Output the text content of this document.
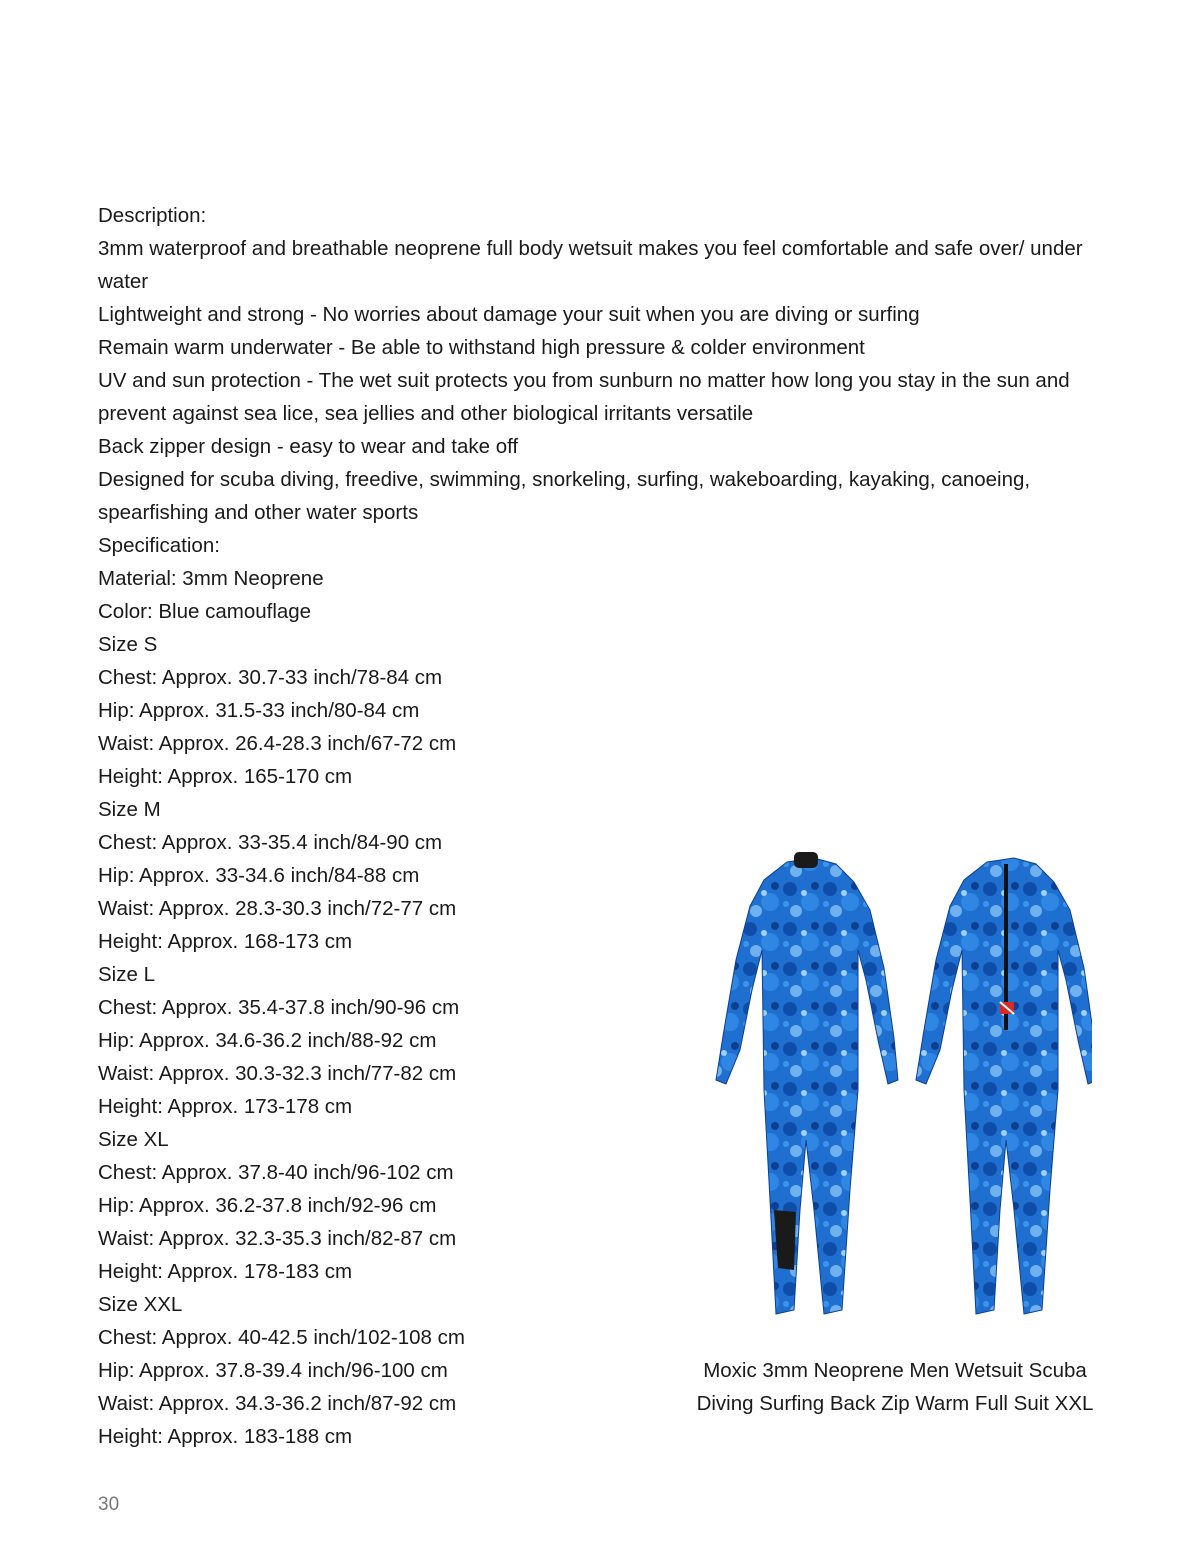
Description:

3mm waterproof and breathable neoprene full body wetsuit makes you feel comfortable and safe over/ under water

Lightweight and strong - No worries about damage your suit when you are diving or surfing

Remain warm underwater - Be able to withstand high pressure & colder environment

UV and sun protection - The wet suit protects you from sunburn no matter how long you stay in the sun and prevent against sea lice, sea jellies and other biological irritants versatile

Back zipper design - easy to wear and take off

Designed for scuba diving, freedive, swimming, snorkeling, surfing, wakeboarding, kayaking, canoeing, spearfishing and other water sports

Specification:

Material: 3mm Neoprene

Color: Blue camouflage

Size S

Chest: Approx. 30.7-33 inch/78-84 cm

Hip: Approx. 31.5-33 inch/80-84 cm

Waist: Approx. 26.4-28.3 inch/67-72 cm

Height: Approx. 165-170 cm

Size M

Chest: Approx. 33-35.4 inch/84-90 cm

Hip: Approx. 33-34.6 inch/84-88 cm

Waist: Approx. 28.3-30.3 inch/72-77 cm

Height: Approx. 168-173 cm

Size L

Chest: Approx. 35.4-37.8 inch/90-96 cm

Hip: Approx. 34.6-36.2 inch/88-92 cm

Waist: Approx. 30.3-32.3 inch/77-82 cm

Height: Approx. 173-178 cm

Size XL

Chest: Approx. 37.8-40 inch/96-102 cm

Hip: Approx. 36.2-37.8 inch/92-96 cm

Waist: Approx. 32.3-35.3 inch/82-87 cm

Height: Approx. 178-183 cm

Size XXL

Chest: Approx. 40-42.5 inch/102-108 cm

Hip: Approx. 37.8-39.4 inch/96-100 cm

Waist: Approx. 34.3-36.2 inch/87-92 cm

Height: Approx. 183-188 cm

Moxic 3mm Neoprene Men Wetsuit Scuba Diving Surfing Back Zip Warm Full Suit XXL
30
